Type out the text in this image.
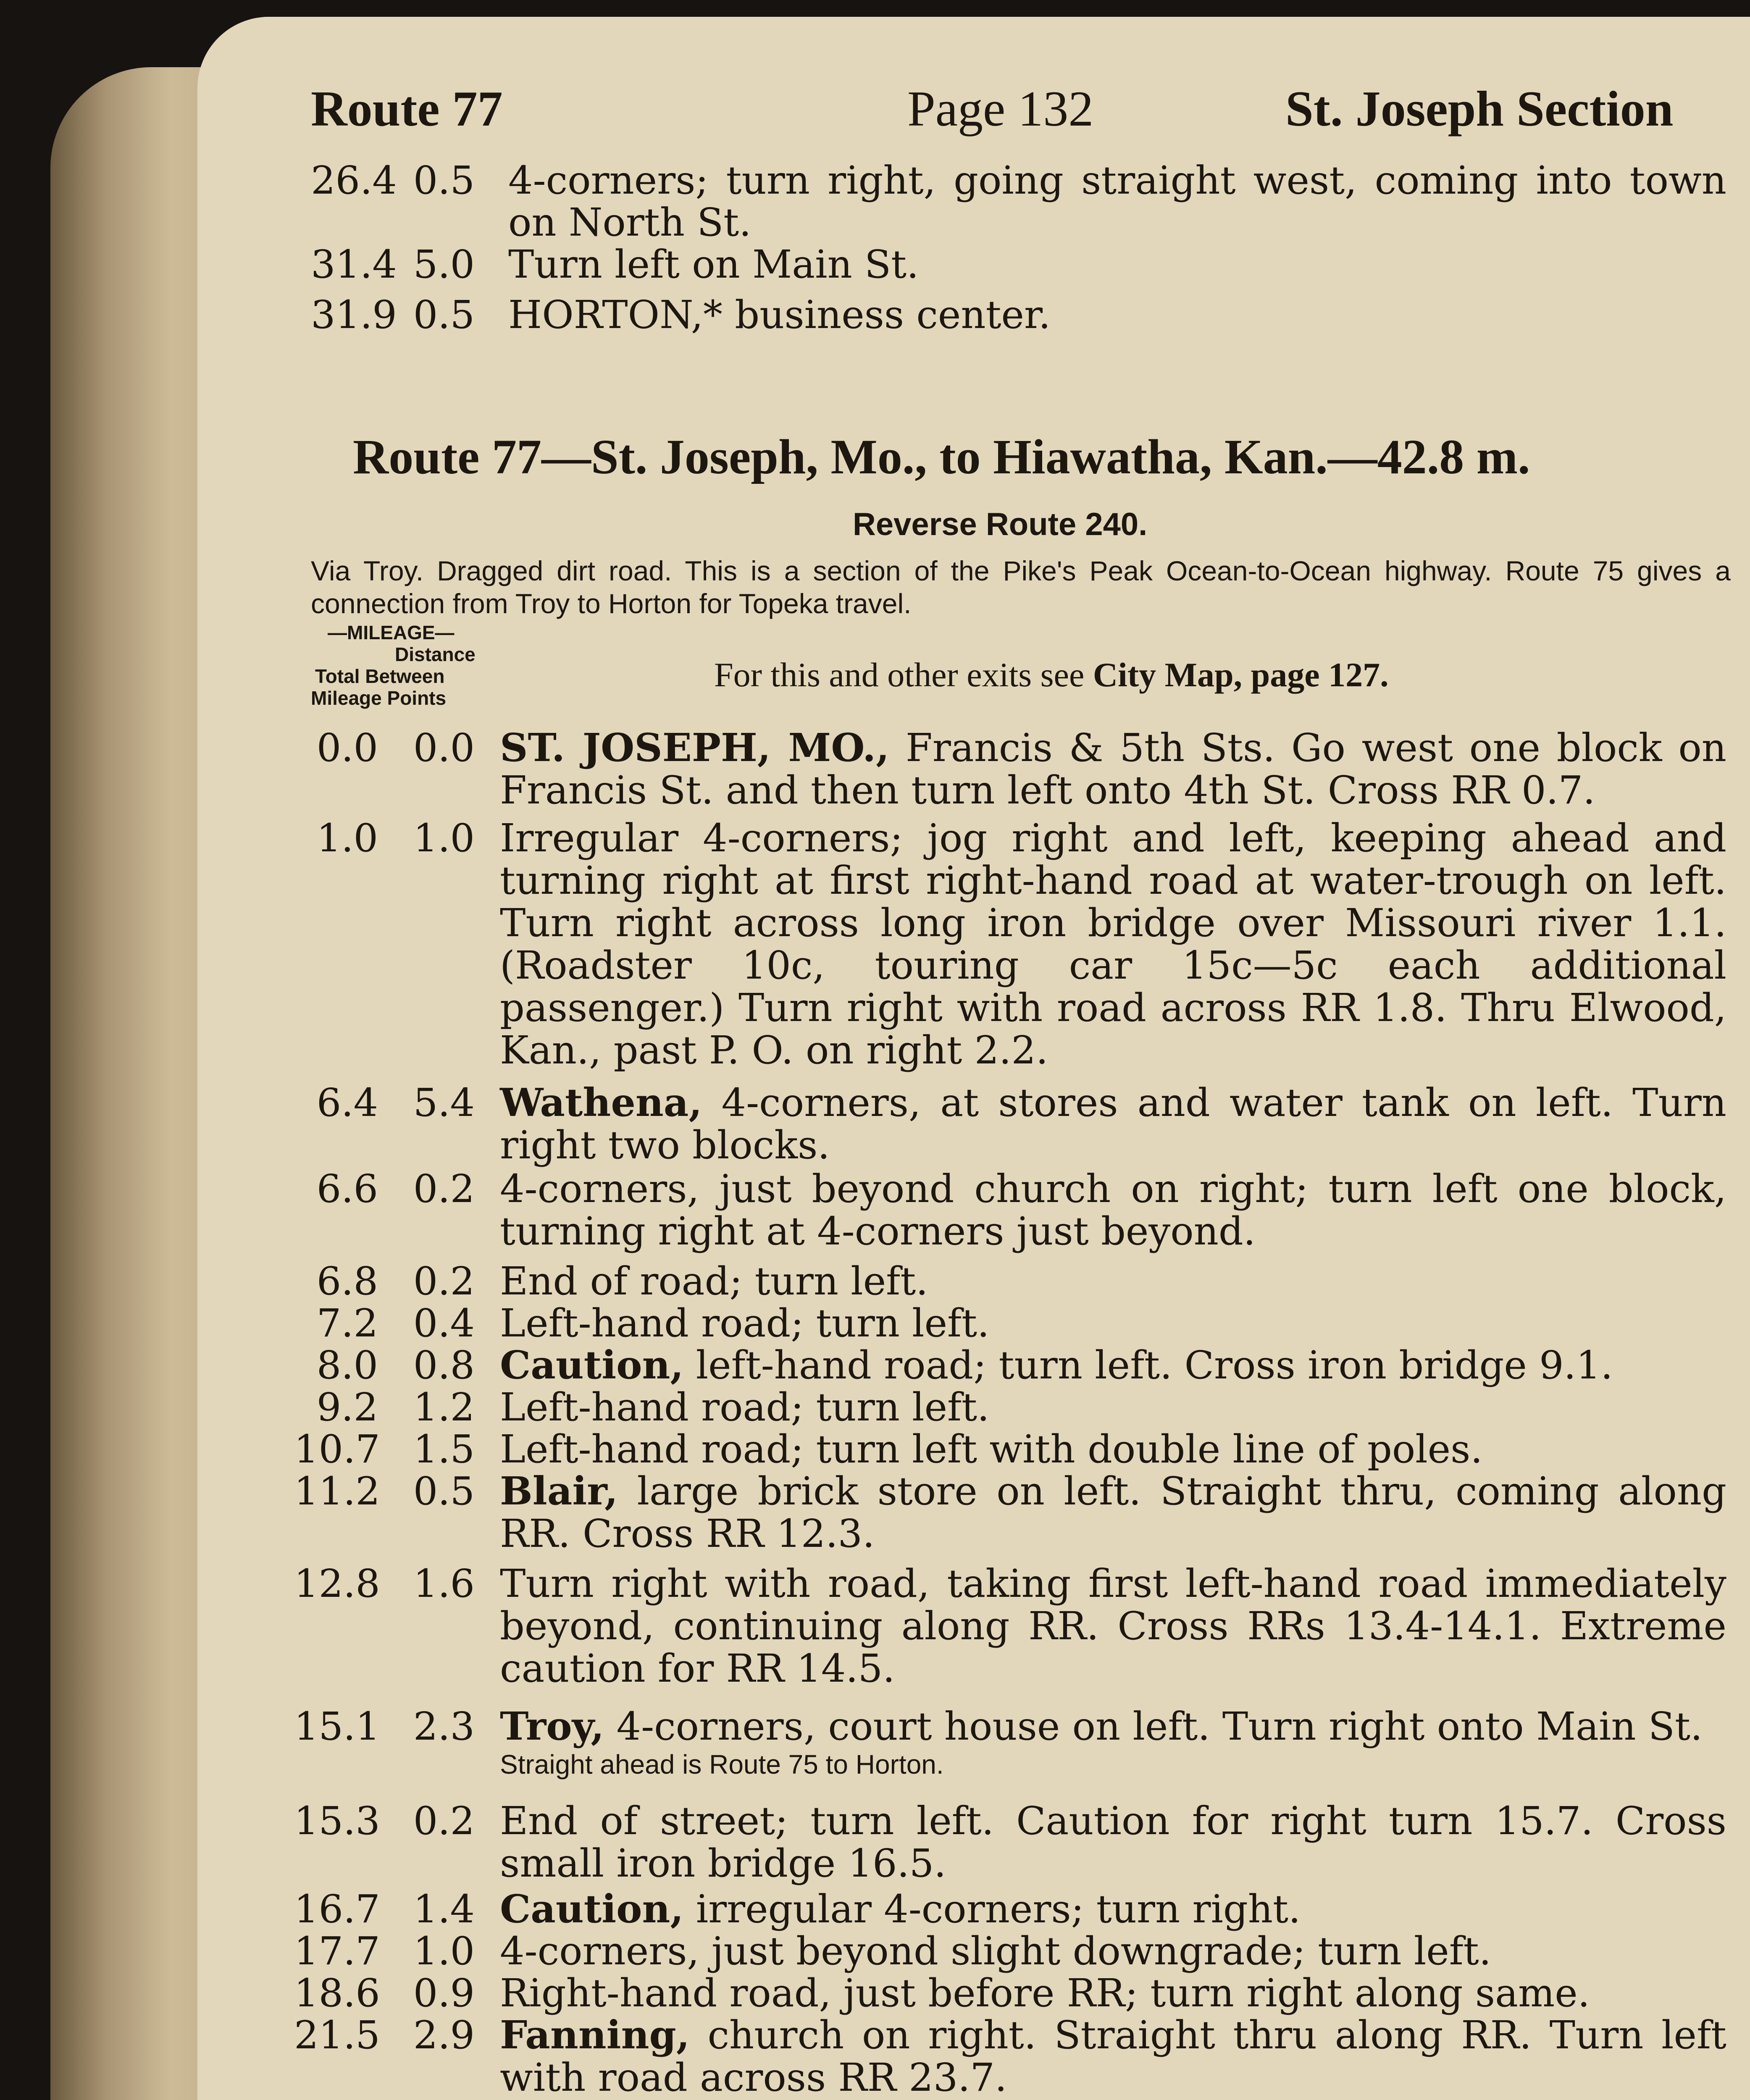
Route 77	Page 132	St. Joseph Section
26.4 0.5 4-corners; turn right, going straight west, coming into town on North St.
31.4 5.0 Turn left on Main St.
31.9 0.5 HORTON,* business center.
Route 77—St. Joseph, Mo., to Hiawatha, Kan.—42.8 m.
Reverse Route 240.
Via Troy. Dragged dirt road. This is a section of the Pike's Peak Ocean-to-Ocean highway. Route 75 gives a connection from Troy to Horton for Topeka travel.
—MILEAGE—
Distance
Total Between
Mileage Points
For this and other exits see City Map, page 127.
0.0 0.0 ST. JOSEPH, MO., Francis & 5th Sts. Go west one block on Francis St. and then turn left onto 4th St. Cross RR 0.7.
1.0 1.0 Irregular 4-corners; jog right and left, keeping ahead and turning right at first right-hand road at water-trough on left. Turn right across long iron bridge over Missouri river 1.1. (Roadster 10c, touring car 15c—5c each additional passenger.) Turn right with road across RR 1.8. Thru Elwood, Kan., past P. O. on right 2.2.
6.4 5.4 Wathena, 4-corners, at stores and water tank on left. Turn right two blocks.
6.6 0.2 4-corners, just beyond church on right; turn left one block, turning right at 4-corners just beyond.
6.8 0.2 End of road; turn left.
7.2 0.4 Left-hand road; turn left.
8.0 0.8 Caution, left-hand road; turn left. Cross iron bridge 9.1.
9.2 1.2 Left-hand road; turn left.
10.7 1.5 Left-hand road; turn left with double line of poles.
11.2 0.5 Blair, large brick store on left. Straight thru, coming along RR. Cross RR 12.3.
12.8 1.6 Turn right with road, taking first left-hand road immediately beyond, continuing along RR. Cross RRs 13.4-14.1. Extreme caution for RR 14.5.
15.1 2.3 Troy, 4-corners, court house on left. Turn right onto Main St.
Straight ahead is Route 75 to Horton.
15.3 0.2 End of street; turn left. Caution for right turn 15.7. Cross small iron bridge 16.5.
16.7 1.4 Caution, irregular 4-corners; turn right.
17.7 1.0 4-corners, just beyond slight downgrade; turn left.
18.6 0.9 Right-hand road, just before RR; turn right along same.
21.5 2.9 Fanning, church on right. Straight thru along RR. Turn left with road across RR 23.7.
